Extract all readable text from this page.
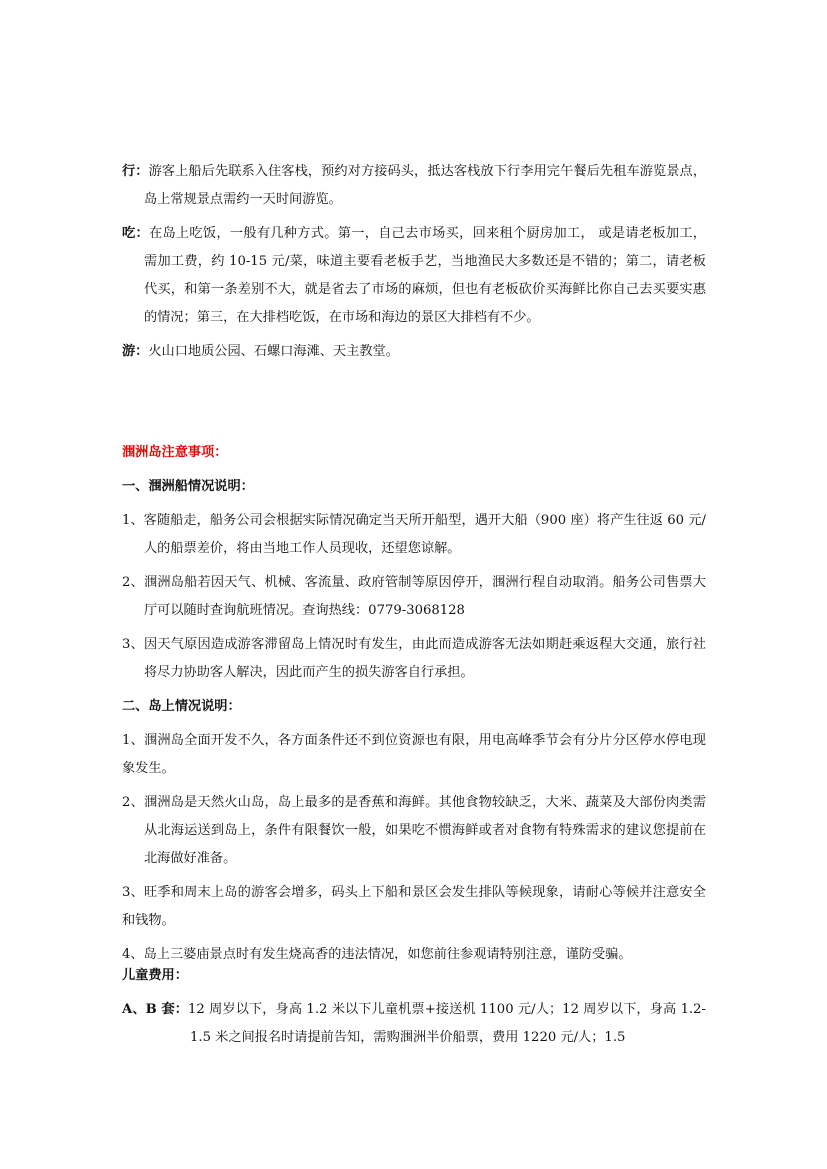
行：游客上船后先联系入住客栈，预约对方接码头，抵达客栈放下行李用完午餐后先租车游览景点，岛上常规景点需约一天时间游览。

吃：在岛上吃饭，一般有几种方式。第一，自己去市场买，回来租个厨房加工， 或是请老板加工，需加工费，约 10-15 元/菜，味道主要看老板手艺，当地渔民大多数还是不错的；第二，请老板代买，和第一条差别不大，就是省去了市场的麻烦，但也有老板砍价买海鲜比你自己去买要实惠的情况；第三，在大排档吃饭，在市场和海边的景区大排档有不少。

游：火山口地质公园、石螺口海滩、天主教堂。

涠洲岛注意事项：

一、涠洲船情况说明：

1、客随船走，船务公司会根据实际情况确定当天所开船型，遇开大船（900 座）将产生往返 60 元/人的船票差价，将由当地工作人员现收，还望您谅解。

2、涠洲岛船若因天气、机械、客流量、政府管制等原因停开，涠洲行程自动取消。船务公司售票大厅可以随时查询航班情况。查询热线：0779-3068128

3、因天气原因造成游客滞留岛上情况时有发生，由此而造成游客无法如期赶乘返程大交通，旅行社将尽力协助客人解决，因此而产生的损失游客自行承担。

二、岛上情况说明：

1、涠洲岛全面开发不久，各方面条件还不到位资源也有限，用电高峰季节会有分片分区停水停电现象发生。

2、涠洲岛是天然火山岛，岛上最多的是香蕉和海鲜。其他食物较缺乏，大米、蔬菜及大部份肉类需从北海运送到岛上，条件有限餐饮一般，如果吃不惯海鲜或者对食物有特殊需求的建议您提前在北海做好准备。

3、旺季和周末上岛的游客会增多，码头上下船和景区会发生排队等候现象，请耐心等候并注意安全和钱物。

4、岛上三婆庙景点时有发生烧高香的违法情况，如您前往参观请特别注意，谨防受骗。

儿童费用：

A、B 套：12 周岁以下，身高 1.2 米以下儿童机票+接送机 1100 元/人；12 周岁以下，身高 1.2-1.5 米之间报名时请提前告知，需购涠洲半价船票，费用 1220 元/人；1.5
